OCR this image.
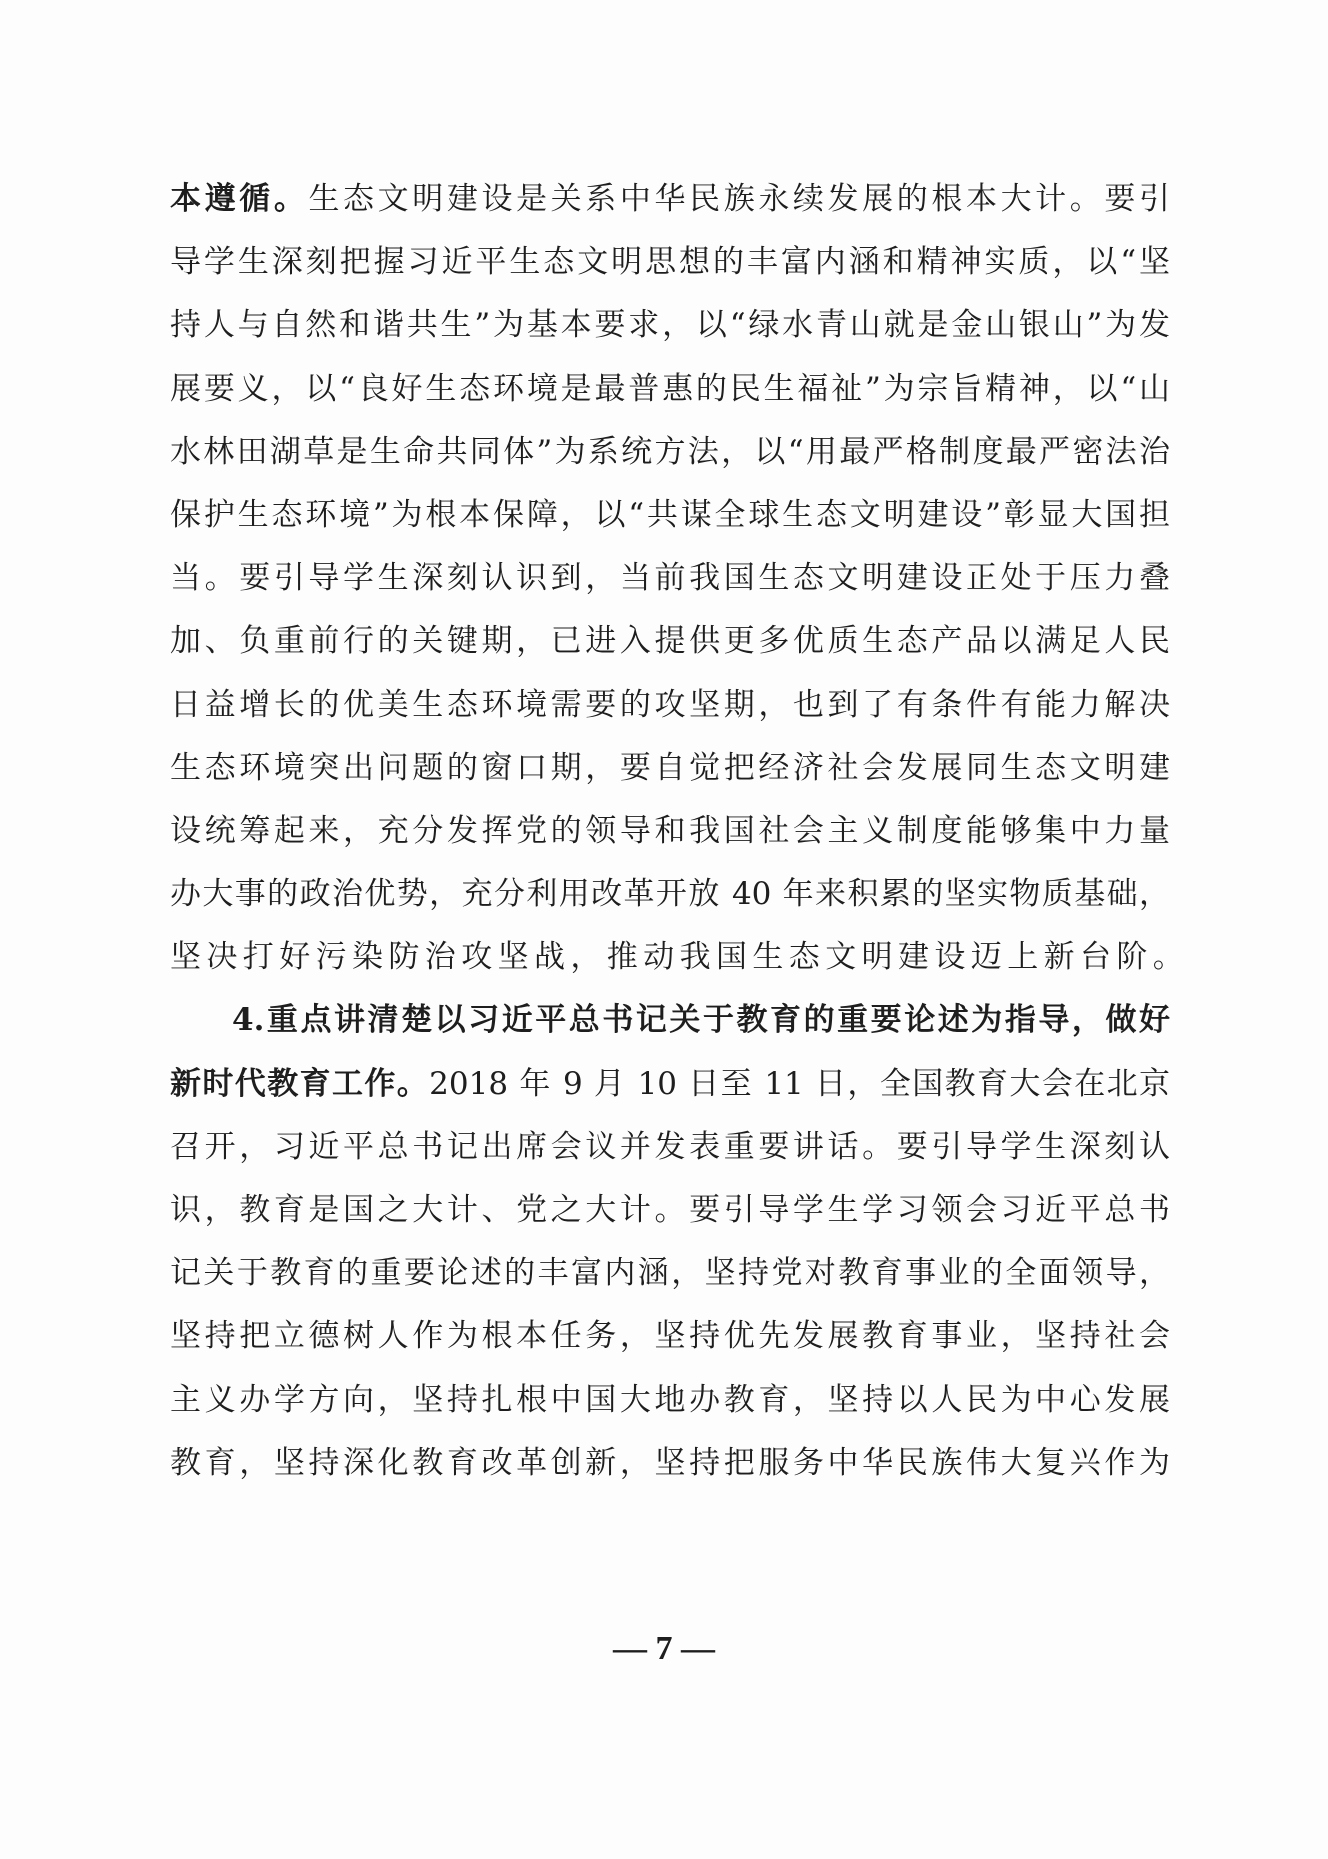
本遵循。生态文明建设是关系中华民族永续发展的根本大计。要引
导学生深刻把握习近平生态文明思想的丰富内涵和精神实质，以“坚
持人与自然和谐共生”为基本要求，以“绿水青山就是金山银山”为发
展要义，以“良好生态环境是最普惠的民生福祉”为宗旨精神，以“山
水林田湖草是生命共同体”为系统方法，以“用最严格制度最严密法治
保护生态环境”为根本保障，以“共谋全球生态文明建设”彰显大国担
当。要引导学生深刻认识到，当前我国生态文明建设正处于压力叠
加、负重前行的关键期，已进入提供更多优质生态产品以满足人民
日益增长的优美生态环境需要的攻坚期，也到了有条件有能力解决
生态环境突出问题的窗口期，要自觉把经济社会发展同生态文明建
设统筹起来，充分发挥党的领导和我国社会主义制度能够集中力量
办大事的政治优势，充分利用改革开放 40 年来积累的坚实物质基础，
坚决打好污染防治攻坚战，推动我国生态文明建设迈上新台阶。
4.重点讲清楚以习近平总书记关于教育的重要论述为指导，做好
新时代教育工作。2018 年 9 月 10 日至 11 日，全国教育大会在北京
召开，习近平总书记出席会议并发表重要讲话。要引导学生深刻认
识，教育是国之大计、党之大计。要引导学生学习领会习近平总书
记关于教育的重要论述的丰富内涵，坚持党对教育事业的全面领导，
坚持把立德树人作为根本任务，坚持优先发展教育事业，坚持社会
主义办学方向，坚持扎根中国大地办教育，坚持以人民为中心发展
教育，坚持深化教育改革创新，坚持把服务中华民族伟大复兴作为
— 7 —
